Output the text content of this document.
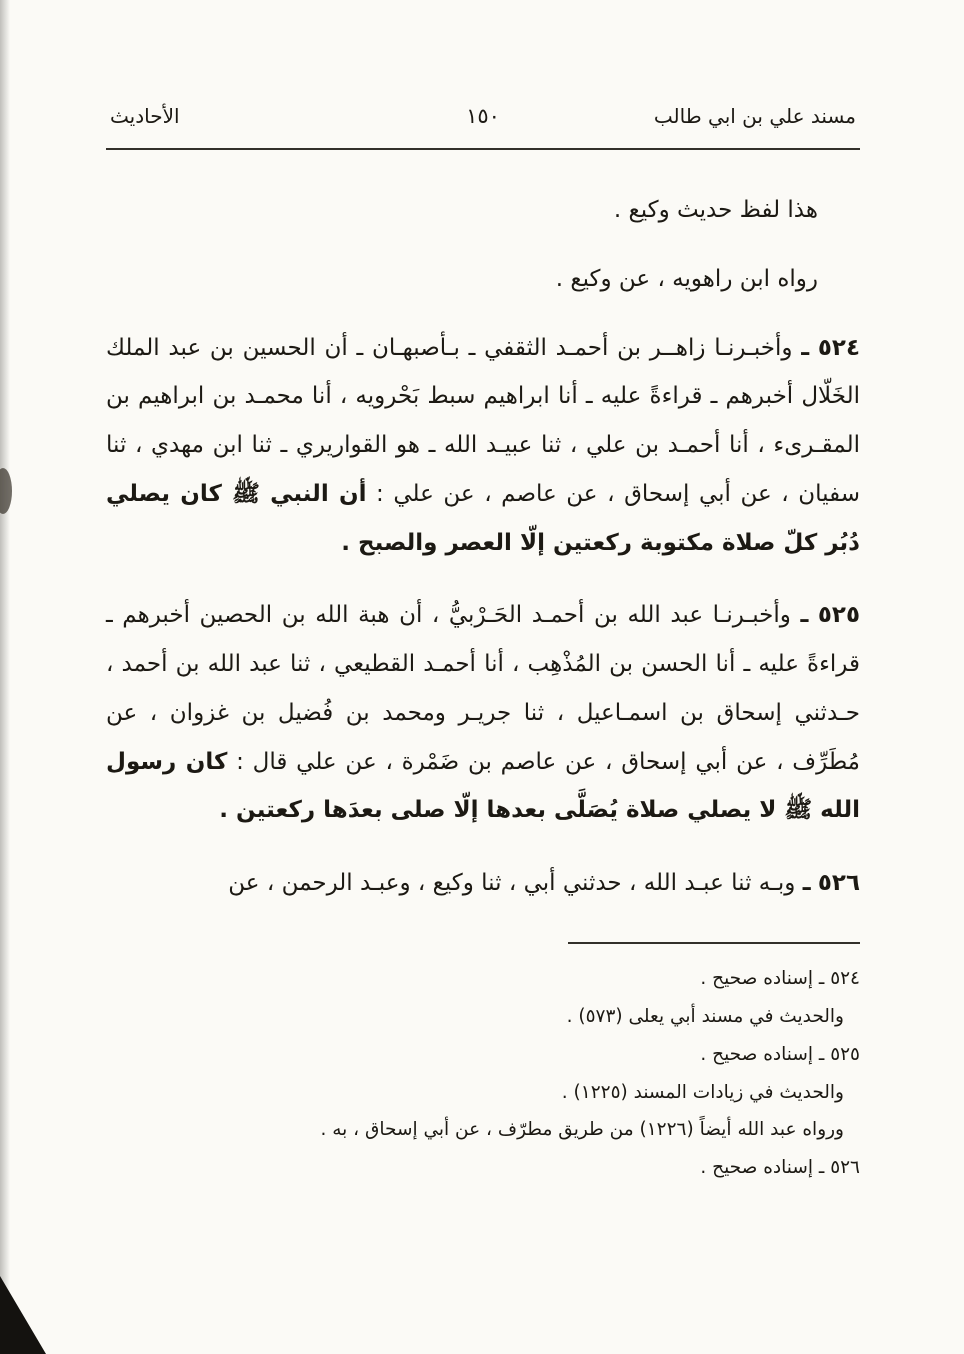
مسند علي بن ابي طالب
١٥٠
الأحاديث

هذا لفظ حديث وكيع .

رواه ابن راهويه ، عن وكيع .

٥٢٤ ـ وأخبـرنـا زاهــر بن أحمـد الثقفي ـ بـأصبهـان ـ أن الحسين بن عبد الملك الخَلّال أخبرهم ـ قراءةً عليه ـ أنا ابراهيم سبط بَحْرويه ، أنا محمـد بن ابراهيم بن المقـرىء ، أنا أحمـد بن علي ، ثنا عبيـد الله ـ هو القواريري ـ ثنا ابن مهدي ، ثنا سفيان ، عن أبي إسحاق ، عن عاصم ، عن علي : أن النبي ﷺ كان يصلي دُبُر كلّ صلاة مكتوبة ركعتين إلّا العصر والصبح .

٥٢٥ ـ وأخبـرنـا عبد الله بن أحمـد الحَـرْبيُّ ، أن هبة الله بن الحصين أخبرهم ـ قراءةً عليه ـ أنا الحسن بن المُذْهِب ، أنا أحمـد القطيعي ، ثنا عبد الله بن أحمد ، حـدثني إسحاق بن اسمـاعيل ، ثنا جريـر ومحمد بن فُضيل بن غزوان ، عن مُطَرِّف ، عن أبي إسحاق ، عن عاصم بن ضَمْرة ، عن علي قال : كان رسول الله ﷺ لا يصلي صلاة يُصَلَّى بعدها إلّا صلى بعدَها ركعتين .

٥٢٦ ـ وبـه ثنا عبـد الله ، حدثني أبي ، ثنا وكيع ، وعبـد الرحمن ، عن

٥٢٤ ـ إسناده صحيح .
والحديث في مسند أبي يعلى (٥٧٣) .
٥٢٥ ـ إسناده صحيح .
والحديث في زيادات المسند (١٢٢٥) .
ورواه عبد الله أيضاً (١٢٢٦) من طريق مطرّف ، عن أبي إسحاق ، به .
٥٢٦ ـ إسناده صحيح .
